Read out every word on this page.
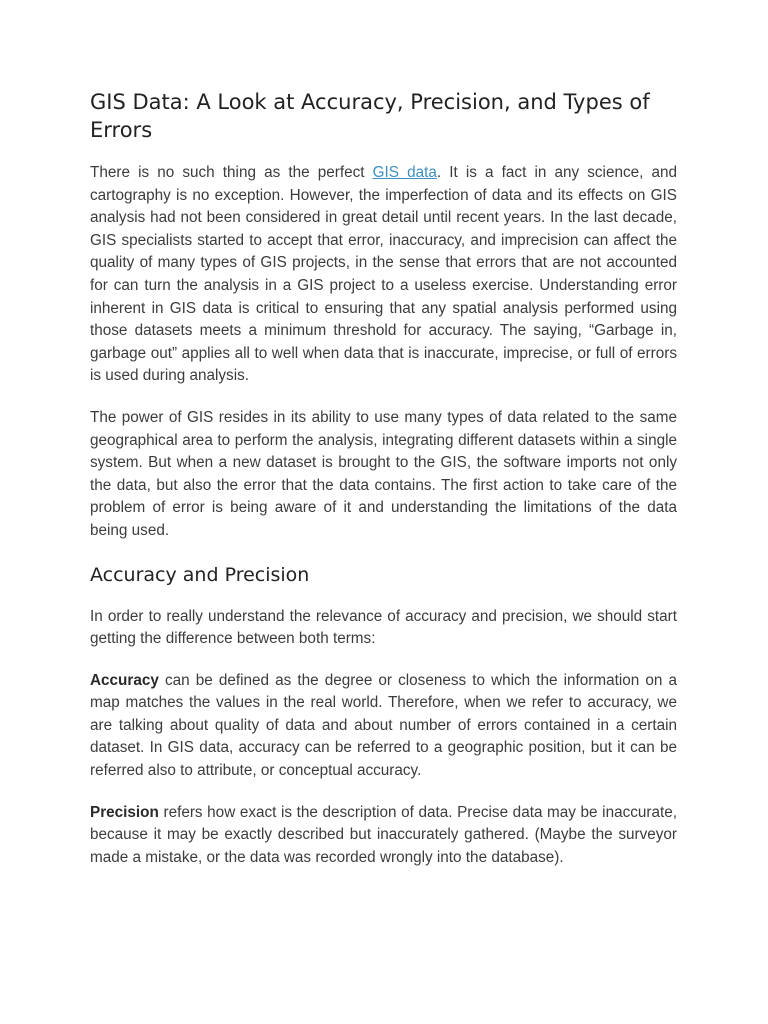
GIS Data: A Look at Accuracy, Precision, and Types of Errors

There is no such thing as the perfect GIS data. It is a fact in any science, and cartography is no exception. However, the imperfection of data and its effects on GIS analysis had not been considered in great detail until recent years. In the last decade, GIS specialists started to accept that error, inaccuracy, and imprecision can affect the quality of many types of GIS projects, in the sense that errors that are not accounted for can turn the analysis in a GIS project to a useless exercise. Understanding error inherent in GIS data is critical to ensuring that any spatial analysis performed using those datasets meets a minimum threshold for accuracy. The saying, “Garbage in, garbage out” applies all to well when data that is inaccurate, imprecise, or full of errors is used during analysis.

The power of GIS resides in its ability to use many types of data related to the same geographical area to perform the analysis, integrating different datasets within a single system. But when a new dataset is brought to the GIS, the software imports not only the data, but also the error that the data contains. The first action to take care of the problem of error is being aware of it and understanding the limitations of the data being used.

Accuracy and Precision

In order to really understand the relevance of accuracy and precision, we should start getting the difference between both terms:

Accuracy can be defined as the degree or closeness to which the information on a map matches the values in the real world. Therefore, when we refer to accuracy, we are talking about quality of data and about number of errors contained in a certain dataset. In GIS data, accuracy can be referred to a geographic position, but it can be referred also to attribute, or conceptual accuracy.

Precision refers how exact is the description of data. Precise data may be inaccurate, because it may be exactly described but inaccurately gathered. (Maybe the surveyor made a mistake, or the data was recorded wrongly into the database).
